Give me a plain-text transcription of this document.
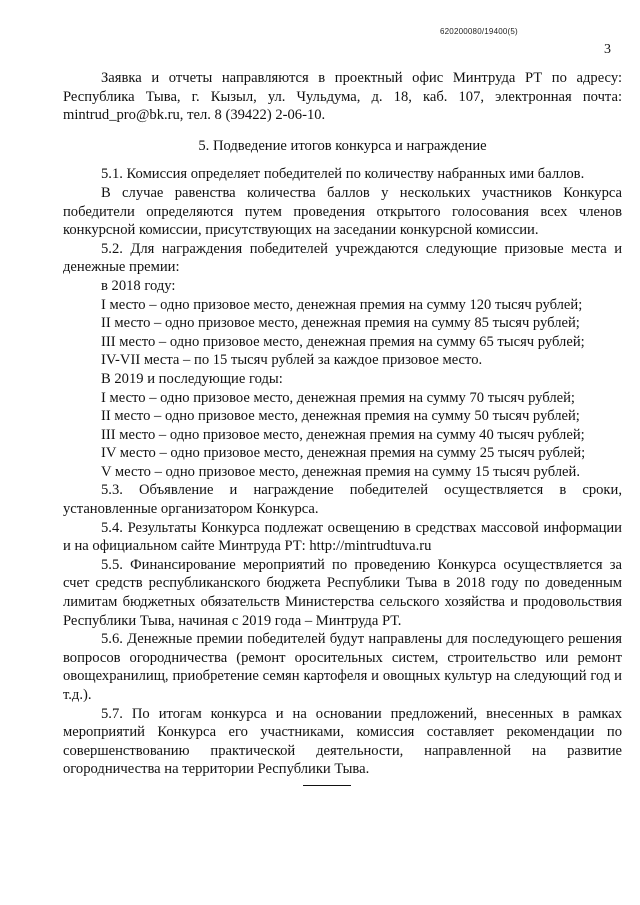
620200080/19400(5)
3

Заявка и отчеты направляются в проектный офис Минтруда РТ по адресу: Республика Тыва, г. Кызыл, ул. Чульдума, д. 18, каб. 107, электронная почта: mintrud_pro@bk.ru, тел. 8 (39422) 2-06-10.

5. Подведение итогов конкурса и награждение

5.1. Комиссия определяет победителей по количеству набранных ими баллов.

В случае равенства количества баллов у нескольких участников Конкурса победители определяются путем проведения открытого голосования всех членов конкурсной комиссии, присутствующих на заседании конкурсной комиссии.

5.2. Для награждения победителей учреждаются следующие призовые места и денежные премии:

в 2018 году:

I место – одно призовое место, денежная премия на сумму 120 тысяч рублей;

II место – одно призовое место, денежная премия на сумму 85 тысяч рублей;

III место – одно призовое место, денежная премия на сумму 65 тысяч рублей;

IV-VII места – по 15 тысяч рублей за каждое призовое место.

В 2019 и последующие годы:

I место – одно призовое место, денежная премия на сумму 70 тысяч рублей;

II место – одно призовое место, денежная премия на сумму 50 тысяч рублей;

III место – одно призовое место, денежная премия на сумму 40 тысяч рублей;

IV место – одно призовое место, денежная премия на сумму 25 тысяч рублей;

V место – одно призовое место, денежная премия на сумму 15 тысяч рублей.

5.3. Объявление и награждение победителей осуществляется в сроки, установленные организатором Конкурса.

5.4. Результаты Конкурса подлежат освещению в средствах массовой информации и на официальном сайте Минтруда РТ: http://mintrudtuva.ru

5.5. Финансирование мероприятий по проведению Конкурса осуществляется за счет средств республиканского бюджета Республики Тыва в 2018 году по доведенным лимитам бюджетных обязательств Министерства сельского хозяйства и продовольствия Республики Тыва, начиная с 2019 года – Минтруда РТ.

5.6. Денежные премии победителей будут направлены для последующего решения вопросов огородничества (ремонт оросительных систем, строительство или ремонт овощехранилищ, приобретение семян картофеля и овощных культур на следующий год и т.д.).

5.7. По итогам конкурса и на основании предложений, внесенных в рамках мероприятий Конкурса его участниками, комиссия составляет рекомендации по совершенствованию практической деятельности, направленной на развитие огородничества на территории Республики Тыва.
